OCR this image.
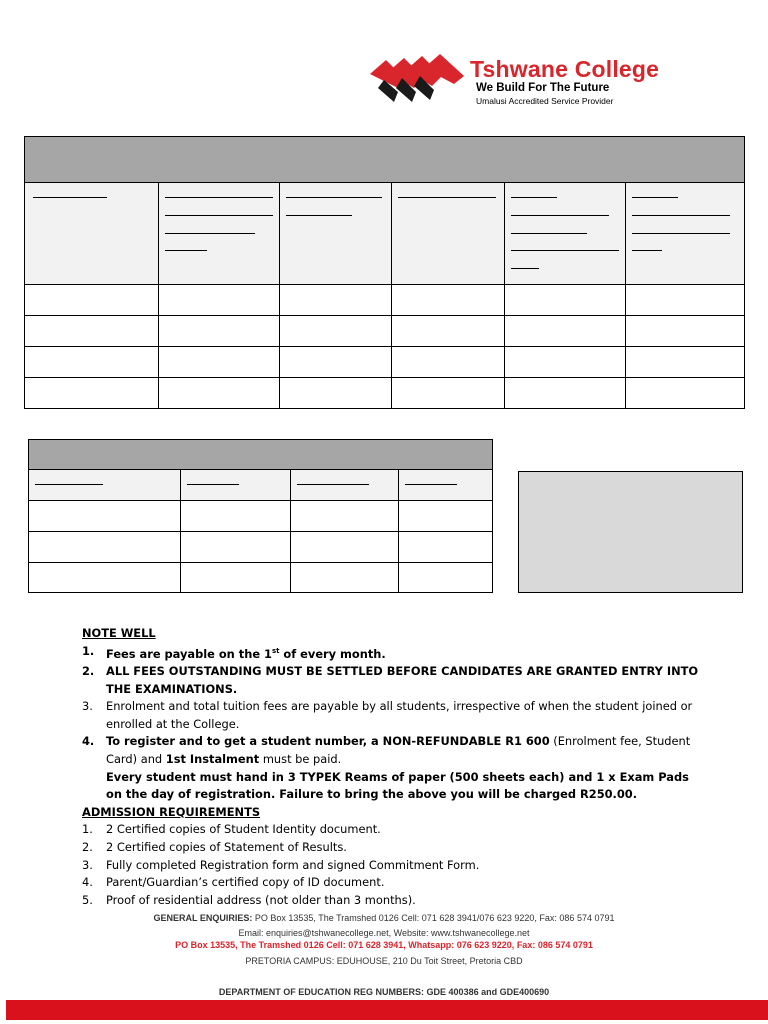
Tshwane College
We Build For The Future
Umalusi Accredited Service Provider

NOTE WELL
1. Fees are payable on the 1st of every month.
2. ALL FEES OUTSTANDING MUST BE SETTLED BEFORE CANDIDATES ARE GRANTED ENTRY INTO THE EXAMINATIONS.
3. Enrolment and total tuition fees are payable by all students, irrespective of when the student joined or enrolled at the College.
4. To register and to get a student number, a NON-REFUNDABLE R1 600 (Enrolment fee, Student Card) and 1st Instalment must be paid.
Every student must hand in 3 TYPEK Reams of paper (500 sheets each) and 1 x Exam Pads on the day of registration. Failure to bring the above you will be charged R250.00.
ADMISSION REQUIREMENTS
1. 2 Certified copies of Student Identity document.
2. 2 Certified copies of Statement of Results.
3. Fully completed Registration form and signed Commitment Form.
4. Parent/Guardian’s certified copy of ID document.
5. Proof of residential address (not older than 3 months).
GENERAL ENQUIRIES: PO Box 13535, The Tramshed 0126 Cell: 071 628 3941/076 623 9220, Fax: 086 574 0791
Email: enquiries@tshwanecollege.net, Website: www.tshwanecollege.net
PO Box 13535, The Tramshed 0126 Cell: 071 628 3941, Whatsapp: 076 623 9220, Fax: 086 574 0791
PRETORIA CAMPUS: EDUHOUSE, 210 Du Toit Street, Pretoria CBD
DEPARTMENT OF EDUCATION REG NUMBERS: GDE 400386 and GDE400690
